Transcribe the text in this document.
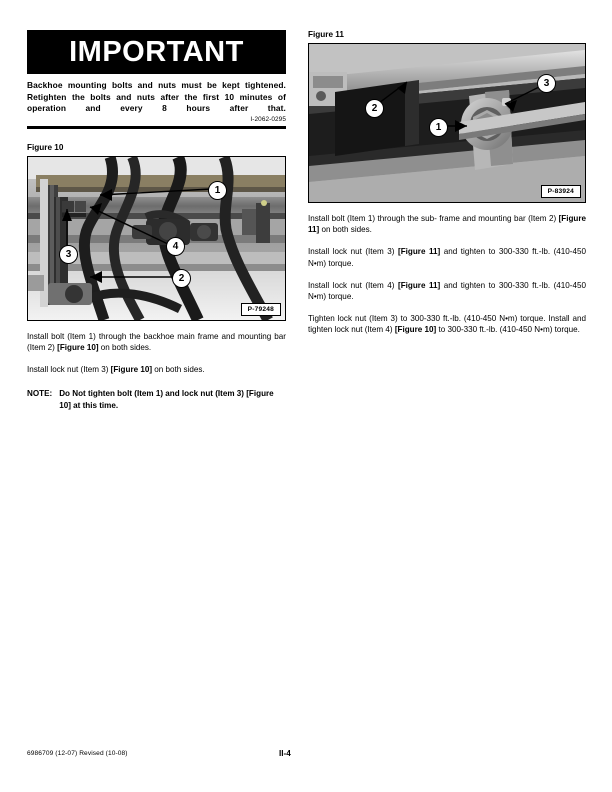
IMPORTANT
Backhoe mounting bolts and nuts must be kept tightened. Retighten the bolts and nuts after the first 10 minutes of operation and every 8 hours after that.
I-2062-0295
Figure 10
1
4
3
2
P-79248

Install bolt (Item 1) through the backhoe main frame and mounting bar (Item 2) [Figure 10] on both sides.

Install lock nut (Item 3) [Figure 10] on both sides.

NOTE: Do Not tighten bolt (Item 1) and lock nut (Item 3) [Figure 10] at this time.
Figure 11
3
2
1
P-83924

Install bolt (Item 1) through the sub- frame and mounting bar (Item 2) [Figure 11] on both sides.

Install lock nut (Item 3) [Figure 11] and tighten to 300-330 ft.-lb. (410-450 N•m) torque.

Install lock nut (Item 4) [Figure 11] and tighten to 300-330 ft.-lb. (410-450 N•m) torque.

Tighten lock nut (Item 3) to 300-330 ft.-lb. (410-450 N•m) torque. Install and tighten lock nut (Item 4) [Figure 10] to 300-330 ft.-lb. (410-450 N•m) torque.

6986709 (12-07) Revised (10-08)	II-4
